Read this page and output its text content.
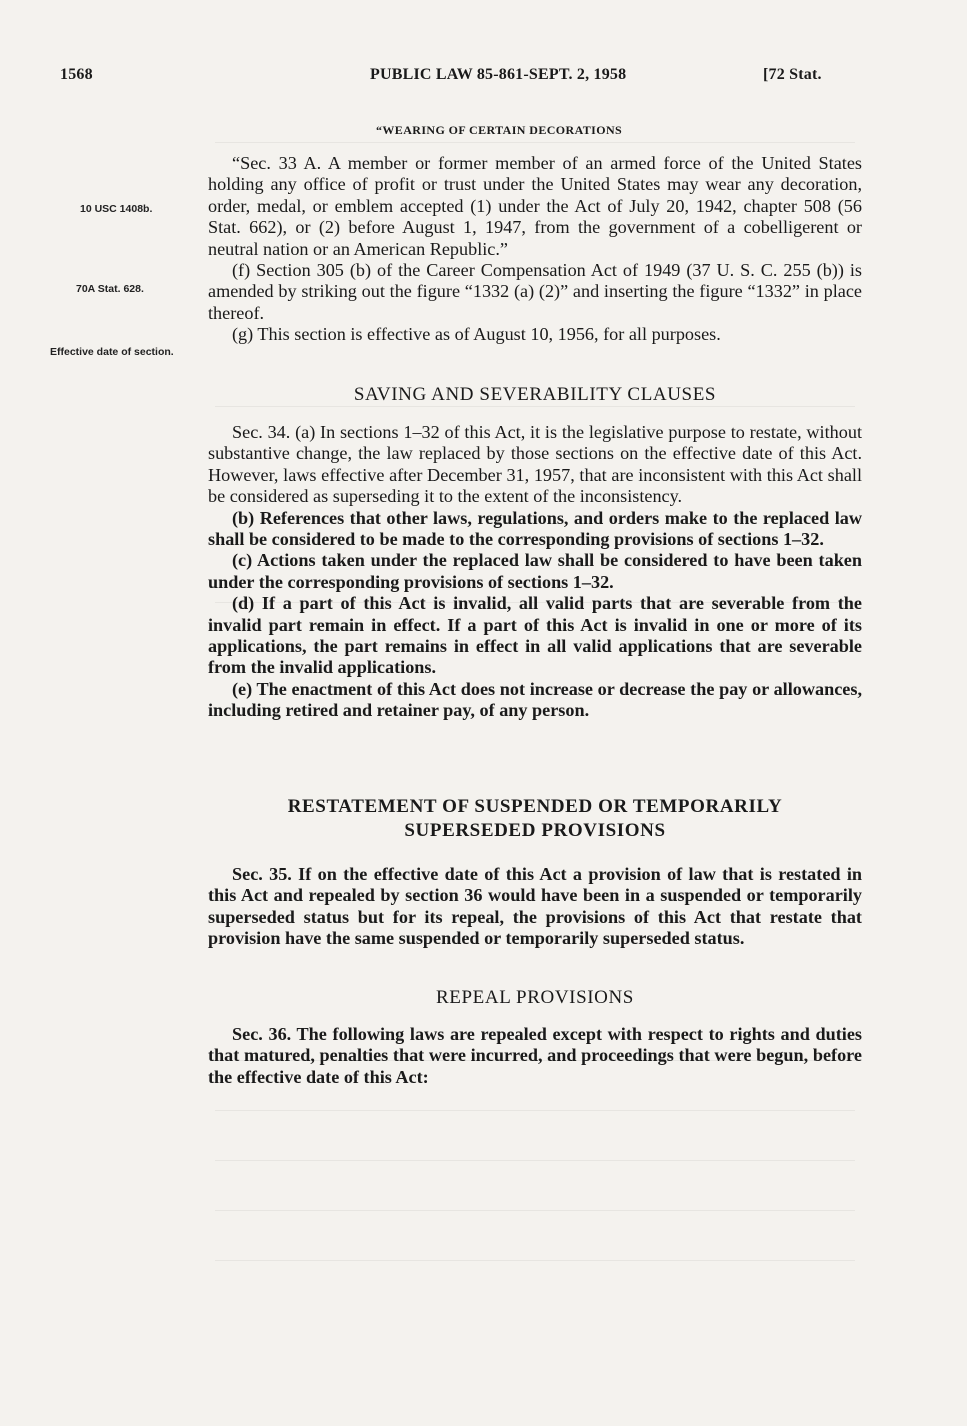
1568	PUBLIC LAW 85-861-SEPT. 2, 1958	[72 Stat.
“WEARING OF CERTAIN DECORATIONS
10 USC 1408b.
70A Stat. 628.
Effective date of section.

“Sec. 33 A. A member or former member of an armed force of the United States holding any office of profit or trust under the United States may wear any decoration, order, medal, or emblem accepted (1) under the Act of July 20, 1942, chapter 508 (56 Stat. 662), or (2) before August 1, 1947, from the government of a cobelligerent or neutral nation or an American Republic.”

(f) Section 305 (b) of the Career Compensation Act of 1949 (37 U. S. C. 255 (b)) is amended by striking out the figure “1332 (a) (2)” and inserting the figure “1332” in place thereof.

(g) This section is effective as of August 10, 1956, for all purposes.

SAVING AND SEVERABILITY CLAUSES

Sec. 34. (a) In sections 1–32 of this Act, it is the legislative purpose to restate, without substantive change, the law replaced by those sections on the effective date of this Act. However, laws effective after December 31, 1957, that are inconsistent with this Act shall be considered as superseding it to the extent of the inconsistency.

(b) References that other laws, regulations, and orders make to the replaced law shall be considered to be made to the corresponding provisions of sections 1–32.

(c) Actions taken under the replaced law shall be considered to have been taken under the corresponding provisions of sections 1–32.

(d) If a part of this Act is invalid, all valid parts that are severable from the invalid part remain in effect. If a part of this Act is invalid in one or more of its applications, the part remains in effect in all valid applications that are severable from the invalid applications.

(e) The enactment of this Act does not increase or decrease the pay or allowances, including retired and retainer pay, of any person.

RESTATEMENT OF SUSPENDED OR TEMPORARILY
SUPERSEDED PROVISIONS

Sec. 35. If on the effective date of this Act a provision of law that is restated in this Act and repealed by section 36 would have been in a suspended or temporarily superseded status but for its repeal, the provisions of this Act that restate that provision have the same suspended or temporarily superseded status.

REPEAL PROVISIONS

Sec. 36. The following laws are repealed except with respect to rights and duties that matured, penalties that were incurred, and proceedings that were begun, before the effective date of this Act:
